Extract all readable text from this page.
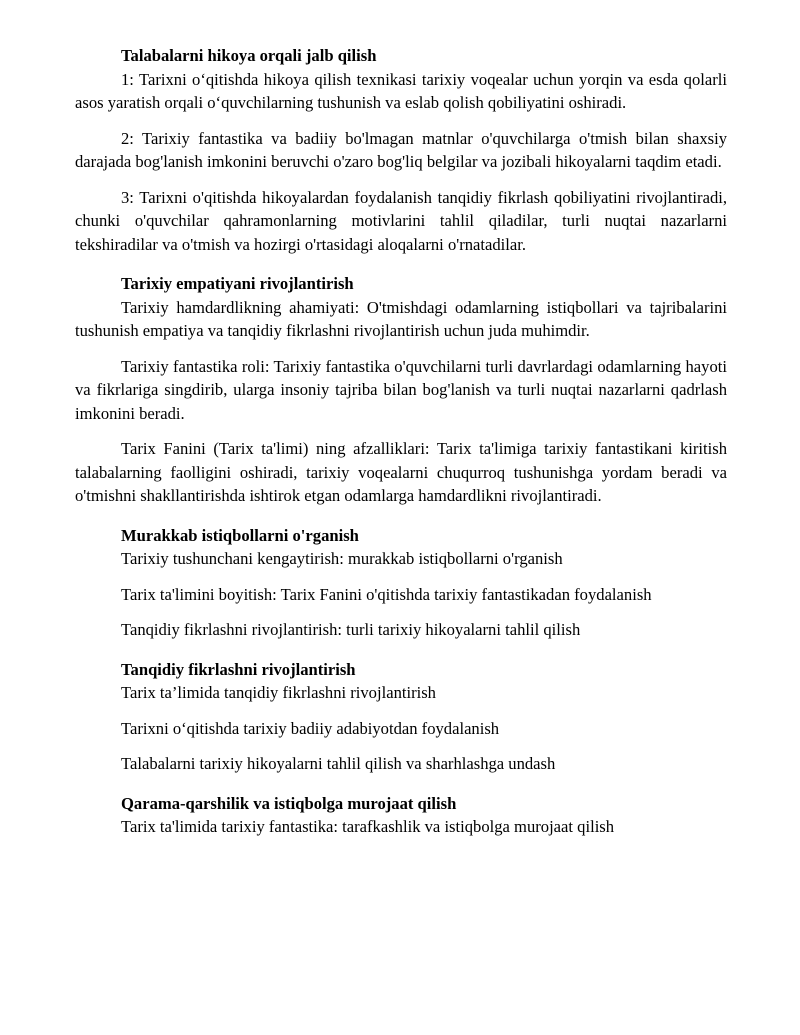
Talabalarni hikoya orqali jalb qilish

1: Tarixni oʻqitishda hikoya qilish texnikasi tarixiy voqealar uchun yorqin va esda qolarli asos yaratish orqali oʻquvchilarning tushunish va eslab qolish qobiliyatini oshiradi.

2: Tarixiy fantastika va badiiy bo'lmagan matnlar o'quvchilarga o'tmish bilan shaxsiy darajada bog'lanish imkonini beruvchi o'zaro bog'liq belgilar va jozibali hikoyalarni taqdim etadi.

3: Tarixni o'qitishda hikoyalardan foydalanish tanqidiy fikrlash qobiliyatini rivojlantiradi, chunki o'quvchilar qahramonlarning motivlarini tahlil qiladilar, turli nuqtai nazarlarni tekshiradilar va o'tmish va hozirgi o'rtasidagi aloqalarni o'rnatadilar.

Tarixiy empatiyani rivojlantirish

Tarixiy hamdardlikning ahamiyati: O'tmishdagi odamlarning istiqbollari va tajribalarini tushunish empatiya va tanqidiy fikrlashni rivojlantirish uchun juda muhimdir.

Tarixiy fantastika roli: Tarixiy fantastika o'quvchilarni turli davrlardagi odamlarning hayoti va fikrlariga singdirib, ularga insoniy tajriba bilan bog'lanish va turli nuqtai nazarlarni qadrlash imkonini beradi.

Tarix Fanini (Tarix ta'limi) ning afzalliklari: Tarix ta'limiga tarixiy fantastikani kiritish talabalarning faolligini oshiradi, tarixiy voqealarni chuqurroq tushunishga yordam beradi va o'tmishni shakllantirishda ishtirok etgan odamlarga hamdardlikni rivojlantiradi.

Murakkab istiqbollarni o'rganish

Tarixiy tushunchani kengaytirish: murakkab istiqbollarni o'rganish

Tarix ta'limini boyitish: Tarix Fanini o'qitishda tarixiy fantastikadan foydalanish

Tanqidiy fikrlashni rivojlantirish: turli tarixiy hikoyalarni tahlil qilish

Tanqidiy fikrlashni rivojlantirish

Tarix ta’limida tanqidiy fikrlashni rivojlantirish

Tarixni oʻqitishda tarixiy badiiy adabiyotdan foydalanish

Talabalarni tarixiy hikoyalarni tahlil qilish va sharhlashga undash

Qarama-qarshilik va istiqbolga murojaat qilish

Tarix ta'limida tarixiy fantastika: tarafkashlik va istiqbolga murojaat qilish
